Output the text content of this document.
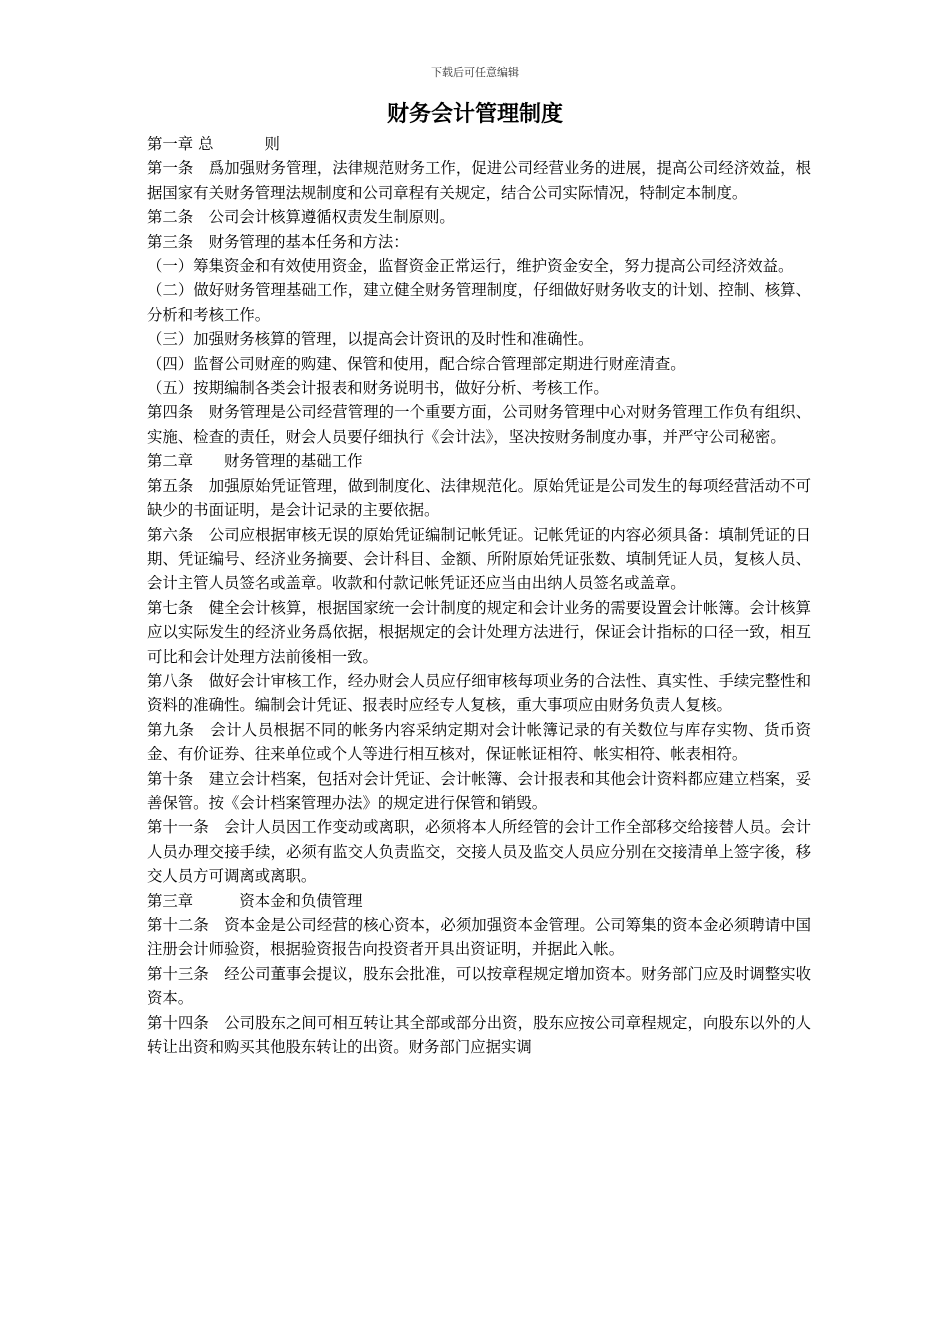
下载后可任意编辑
财务会计管理制度

第一章 总 　　　则

第一条　爲加强财务管理，法律规范财务工作，促进公司经营业务的进展，提高公司经济效益，根据国家有关财务管理法规制度和公司章程有关规定，结合公司实际情况，特制定本制度。

第二条　公司会计核算遵循权责发生制原则。

第三条　财务管理的基本任务和方法：

（一）筹集资金和有效使用资金，监督资金正常运行，维护资金安全，努力提高公司经济效益。

（二）做好财务管理基础工作，建立健全财务管理制度，仔细做好财务收支的计划、控制、核算、分析和考核工作。

（三）加强财务核算的管理，以提高会计资讯的及时性和准确性。

（四）监督公司财産的购建、保管和使用，配合综合管理部定期进行财産清查。

（五）按期编制各类会计报表和财务说明书，做好分析、考核工作。

第四条　财务管理是公司经营管理的一个重要方面，公司财务管理中心对财务管理工作负有组织、实施、检查的责任，财会人员要仔细执行《会计法》，坚决按财务制度办事，并严守公司秘密。

第二章　　财务管理的基础工作

第五条　加强原始凭证管理，做到制度化、法律规范化。原始凭证是公司发生的每项经营活动不可缺少的书面证明，是会计记录的主要依据。

第六条　公司应根据审核无误的原始凭证编制记帐凭证。记帐凭证的内容必须具备：填制凭证的日期、凭证编号、经济业务摘要、会计科目、金额、所附原始凭证张数、填制凭证人员，复核人员、会计主管人员签名或盖章。收款和付款记帐凭证还应当由出纳人员签名或盖章。

第七条　健全会计核算，根据国家统一会计制度的规定和会计业务的需要设置会计帐簿。会计核算应以实际发生的经济业务爲依据，根据规定的会计处理方法进行，保证会计指标的口径一致，相互可比和会计处理方法前後相一致。

第八条　做好会计审核工作，经办财会人员应仔细审核每项业务的合法性、真实性、手续完整性和资料的准确性。编制会计凭证、报表时应经专人复核，重大事项应由财务负责人复核。

第九条　会计人员根据不同的帐务内容采纳定期对会计帐簿记录的有关数位与库存实物、货币资金、有价证券、往来单位或个人等进行相互核对，保证帐证相符、帐实相符、帐表相符。

第十条　建立会计档案，包括对会计凭证、会计帐簿、会计报表和其他会计资料都应建立档案，妥善保管。按《会计档案管理办法》的规定进行保管和销毁。

第十一条　会计人员因工作变动或离职，必须将本人所经管的会计工作全部移交给接替人员。会计人员办理交接手续，必须有监交人负责监交，交接人员及监交人员应分别在交接清单上签字後，移交人员方可调离或离职。

第三章　　　资本金和负债管理

第十二条　资本金是公司经营的核心资本，必须加强资本金管理。公司筹集的资本金必须聘请中国注册会计师验资，根据验资报告向投资者开具出资证明，并据此入帐。

第十三条　经公司董事会提议，股东会批准，可以按章程规定增加资本。财务部门应及时调整实收资本。

第十四条　公司股东之间可相互转让其全部或部分出资，股东应按公司章程规定，向股东以外的人转让出资和购买其他股东转让的出资。财务部门应据实调
